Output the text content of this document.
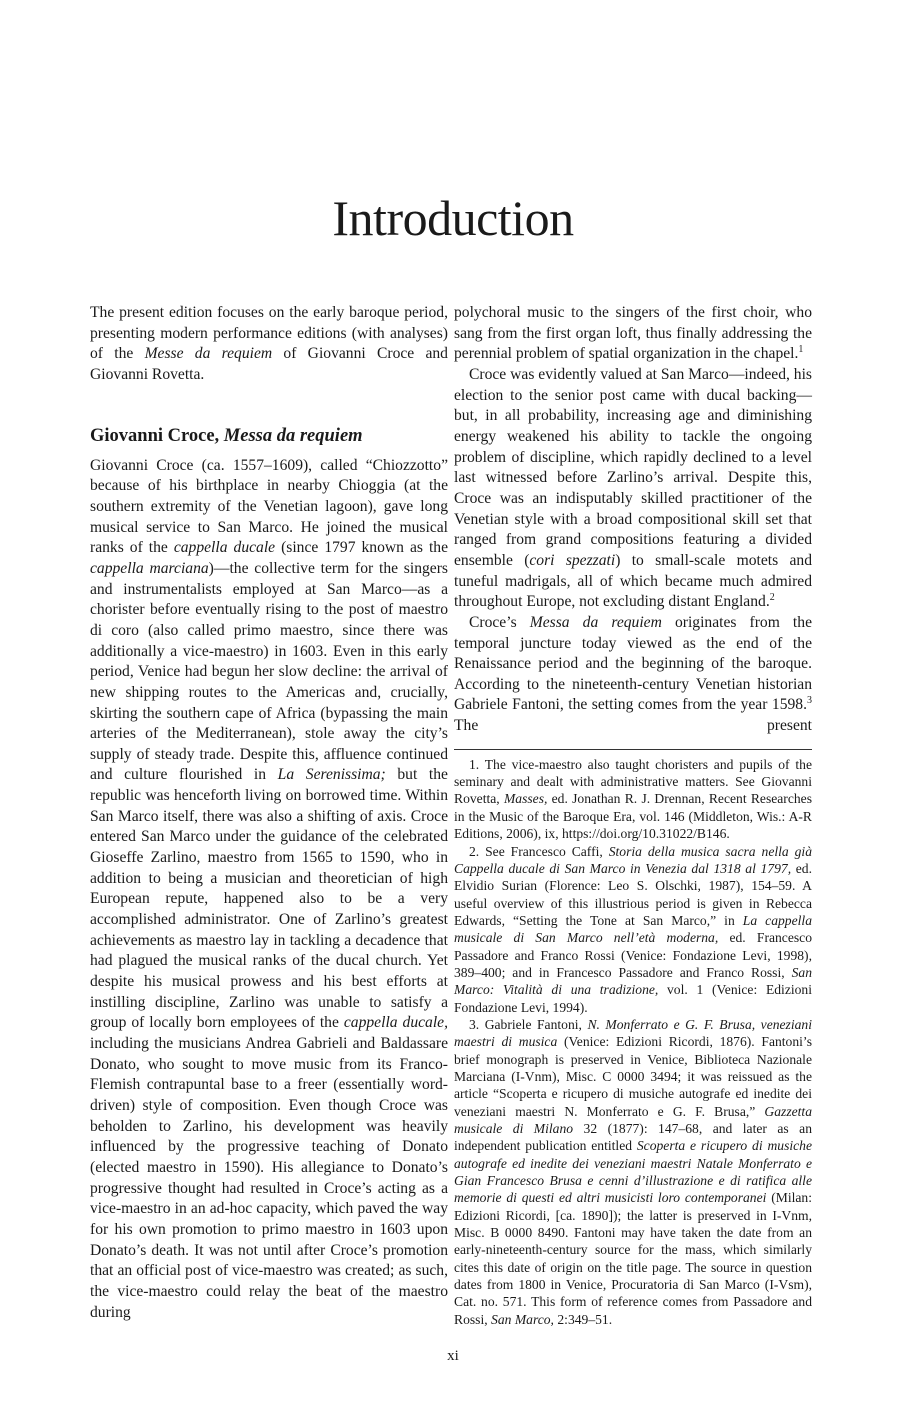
Introduction

The present edition focuses on the early baroque period, presenting modern performance editions (with analyses) of the Messe da requiem of Giovanni Croce and Giovanni Rovetta.

Giovanni Croce, Messa da requiem

Giovanni Croce (ca. 1557–1609), called “Chiozzotto” because of his birthplace in nearby Chioggia (at the southern extremity of the Venetian lagoon), gave long musical service to San Marco. He joined the musical ranks of the cappella ducale (since 1797 known as the cappella marciana)—the collective term for the singers and instrumentalists employed at San Marco—as a chorister before eventually rising to the post of maestro di coro (also called primo maestro, since there was additionally a vice-maestro) in 1603. Even in this early period, Venice had begun her slow decline: the arrival of new shipping routes to the Americas and, crucially, skirting the southern cape of Africa (bypassing the main arteries of the Mediterranean), stole away the city’s supply of steady trade. Despite this, affluence continued and culture flourished in La Serenissima; but the republic was henceforth living on borrowed time. Within San Marco itself, there was also a shifting of axis. Croce entered San Marco under the guidance of the celebrated Gioseffe Zarlino, maestro from 1565 to 1590, who in addition to being a musician and theoretician of high European repute, happened also to be a very accomplished administrator. One of Zarlino’s greatest achievements as maestro lay in tackling a decadence that had plagued the musical ranks of the ducal church. Yet despite his musical prowess and his best efforts at instilling discipline, Zarlino was unable to satisfy a group of locally born employees of the cappella ducale, including the musicians Andrea Gabrieli and Baldassare Donato, who sought to move music from its Franco-Flemish contrapuntal base to a freer (essentially word-driven) style of composition. Even though Croce was beholden to Zarlino, his development was heavily influenced by the progressive teaching of Donato (elected maestro in 1590). His allegiance to Donato’s progressive thought had resulted in Croce’s acting as a vice-maestro in an ad-hoc capacity, which paved the way for his own promotion to primo maestro in 1603 upon Donato’s death. It was not until after Croce’s promotion that an official post of vice-maestro was created; as such, the vice-maestro could relay the beat of the maestro during

polychoral music to the singers of the first choir, who sang from the first organ loft, thus finally addressing the perennial problem of spatial organization in the chapel.$^1$

Croce was evidently valued at San Marco—indeed, his election to the senior post came with ducal backing—but, in all probability, increasing age and diminishing energy weakened his ability to tackle the ongoing problem of discipline, which rapidly declined to a level last witnessed before Zarlino’s arrival. Despite this, Croce was an indisputably skilled practitioner of the Venetian style with a broad compositional skill set that ranged from grand compositions featuring a divided ensemble (cori spezzati) to small-scale motets and tuneful madrigals, all of which became much admired throughout Europe, not excluding distant England.$^2$

Croce’s Messa da requiem originates from the temporal juncture today viewed as the end of the Renaissance period and the beginning of the baroque. According to the nineteenth-century Venetian historian Gabriele Fantoni, the setting comes from the year 1598.$^3$ The present

1. The vice-maestro also taught choristers and pupils of the seminary and dealt with administrative matters. See Giovanni Rovetta, Masses, ed. Jonathan R. J. Drennan, Recent Researches in the Music of the Baroque Era, vol. 146 (Middleton, Wis.: A-R Editions, 2006), ix, https://doi.org/10.31022/B146.

2. See Francesco Caffi, Storia della musica sacra nella già Cappella ducale di San Marco in Venezia dal 1318 al 1797, ed. Elvidio Surian (Florence: Leo S. Olschki, 1987), 154–59. A useful overview of this illustrious period is given in Rebecca Edwards, “Setting the Tone at San Marco,” in La cappella musicale di San Marco nell’età moderna, ed. Francesco Passadore and Franco Rossi (Venice: Fondazione Levi, 1998), 389–400; and in Francesco Passadore and Franco Rossi, San Marco: Vitalità di una tradizione, vol. 1 (Venice: Edizioni Fondazione Levi, 1994).

3. Gabriele Fantoni, N. Monferrato e G. F. Brusa, veneziani maestri di musica (Venice: Edizioni Ricordi, 1876). Fantoni’s brief monograph is preserved in Venice, Biblioteca Nazionale Marciana (I-Vnm), Misc. C 0000 3494; it was reissued as the article “Scoperta e ricupero di musiche autografe ed inedite dei veneziani maestri N. Monferrato e G. F. Brusa,” Gazzetta musicale di Milano 32 (1877): 147–68, and later as an independent publication entitled Scoperta e ricupero di musiche autografe ed inedite dei veneziani maestri Natale Monferrato e Gian Francesco Brusa e cenni d’illustrazione e di ratifica alle memorie di questi ed altri musicisti loro contemporanei (Milan: Edizioni Ricordi, [ca. 1890]); the latter is preserved in I-Vnm, Misc. B 0000 8490. Fantoni may have taken the date from an early-nineteenth-century source for the mass, which similarly cites this date of origin on the title page. The source in question dates from 1800 in Venice, Procuratoria di San Marco (I-Vsm), Cat. no. 571. This form of reference comes from Passadore and Rossi, San Marco, 2:349–51.

xi
